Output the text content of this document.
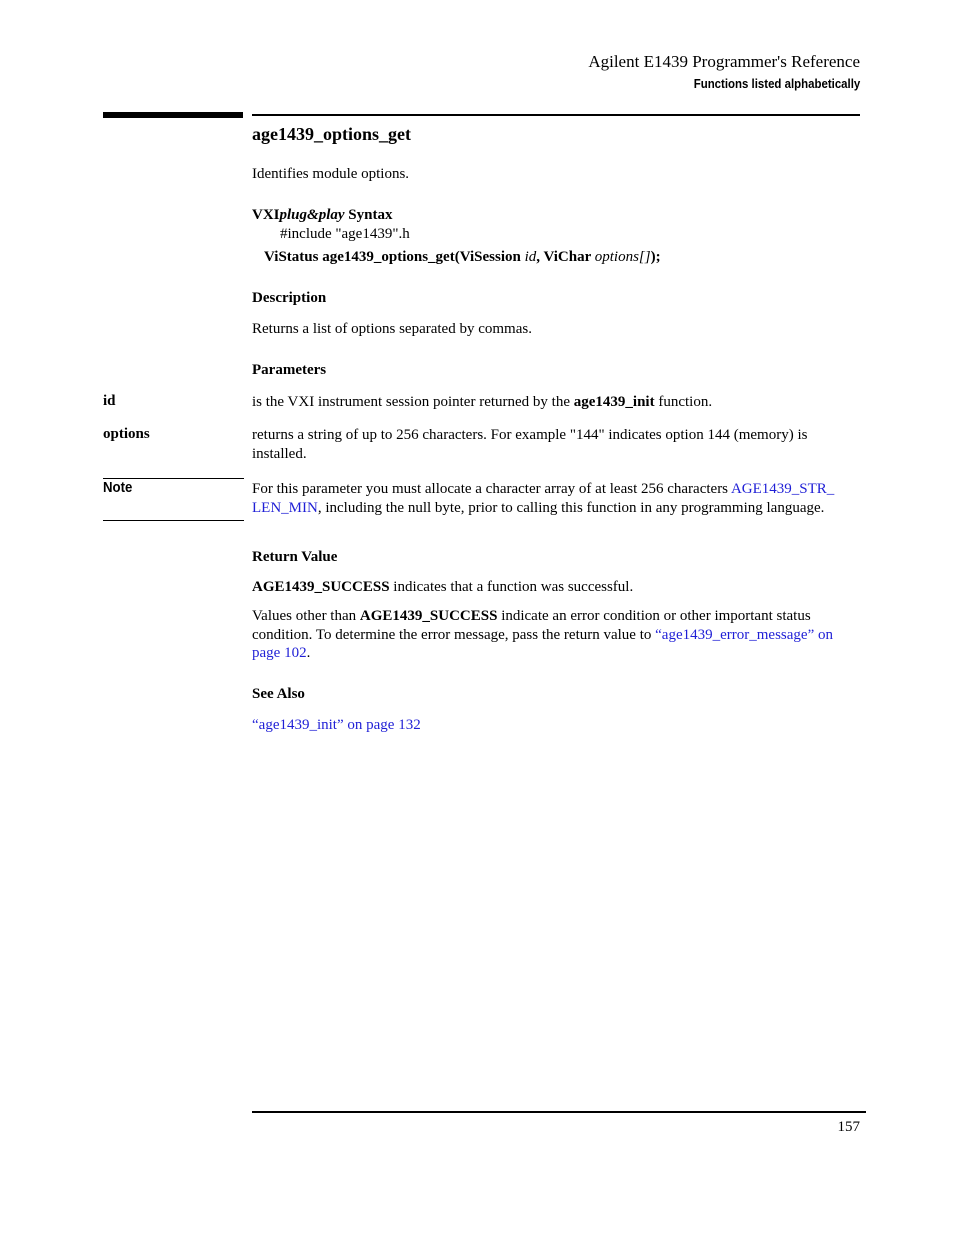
Agilent E1439 Programmer's Reference
Functions listed alphabetically
age1439_options_get
Identifies module options.
VXIplug&play Syntax
#include "age1439".h
ViStatus age1439_options_get(ViSession id, ViChar options[]);
Description
Returns a list of options separated by commas.
Parameters
id	is the VXI instrument session pointer returned by the age1439_init function.
options	returns a string of up to 256 characters. For example "144" indicates option 144 (memory) is installed.
Note	For this parameter you must allocate a character array of at least 256 characters AGE1439_STR_
LEN_MIN, including the null byte, prior to calling this function in any programming language.
Return Value
AGE1439_SUCCESS indicates that a function was successful.
Values other than AGE1439_SUCCESS indicate an error condition or other important status condition. To determine the error message, pass the return value to “age1439_error_message” on page 102.
See Also
“age1439_init” on page 132
157
